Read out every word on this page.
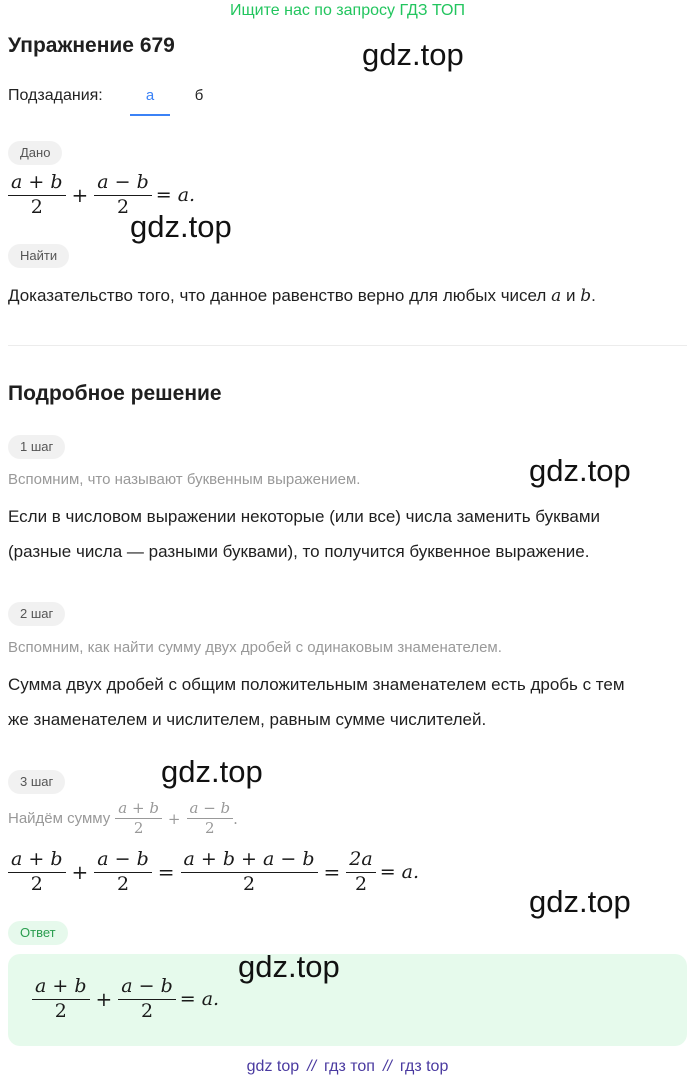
Ищите нас по запросу ГДЗ ТОП
Упражнение 679	gdz.top
gdz.top
gdz.top
gdz.top
gdz.top
gdz.top
Подзадания:	а	б
Дано
$\frac{a + b}{2} + \frac{a - b}{2} = a$.
Найти
Доказательство того, что данное равенство верно для любых чисел a и b.
Подробное решение
1 шаг
Вспомним, что называют буквенным выражением.
Если в числовом выражении некоторые (или все) числа заменить буквами
(разные числа — разными буквами), то получится буквенное выражение.
2 шаг
Вспомним, как найти сумму двух дробей с одинаковым знаменателем.
Сумма двух дробей с общим положительным знаменателем есть дробь с тем
же знаменателем и числителем, равным сумме числителей.
3 шаг
Найдём сумму $\frac{a + b}{2} + \frac{a - b}{2}$ .
$\frac{a + b}{2} + \frac{a - b}{2} = \frac{a + b + a - b}{2} = \frac{2a}{2} = a$.
Ответ
$\frac{a + b}{2} + \frac{a - b}{2} = a$.
gdz top // гдз топ // гдз top
